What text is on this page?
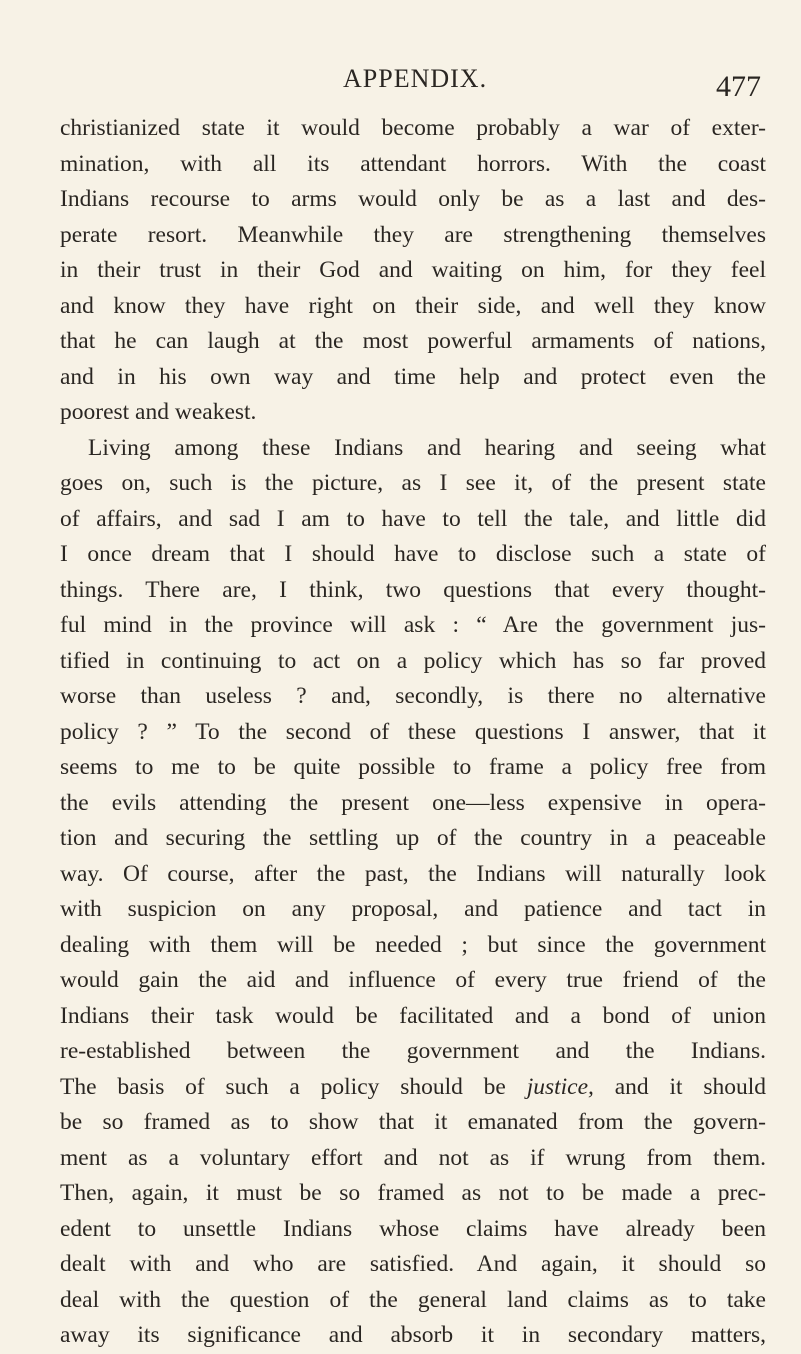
APPENDIX.	477
christianized state it would become probably a war of exter-
mination, with all its attendant horrors. With the coast
Indians recourse to arms would only be as a last and des-
perate resort. Meanwhile they are strengthening themselves
in their trust in their God and waiting on him, for they feel
and know they have right on their side, and well they know
that he can laugh at the most powerful armaments of nations,
and in his own way and time help and protect even the
poorest and weakest.
Living among these Indians and hearing and seeing what
goes on, such is the picture, as I see it, of the present state
of affairs, and sad I am to have to tell the tale, and little did
I once dream that I should have to disclose such a state of
things. There are, I think, two questions that every thought-
ful mind in the province will ask : “ Are the government jus-
tified in continuing to act on a policy which has so far proved
worse than useless ? and, secondly, is there no alternative
policy ? ” To the second of these questions I answer, that it
seems to me to be quite possible to frame a policy free from
the evils attending the present one—less expensive in opera-
tion and securing the settling up of the country in a peaceable
way. Of course, after the past, the Indians will naturally look
with suspicion on any proposal, and patience and tact in
dealing with them will be needed ; but since the government
would gain the aid and influence of every true friend of the
Indians their task would be facilitated and a bond of union
re-established between the government and the Indians.
The basis of such a policy should be justice, and it should
be so framed as to show that it emanated from the govern-
ment as a voluntary effort and not as if wrung from them.
Then, again, it must be so framed as not to be made a prec-
edent to unsettle Indians whose claims have already been
dealt with and who are satisfied. And again, it should so
deal with the question of the general land claims as to take
away its significance and absorb it in secondary matters,
